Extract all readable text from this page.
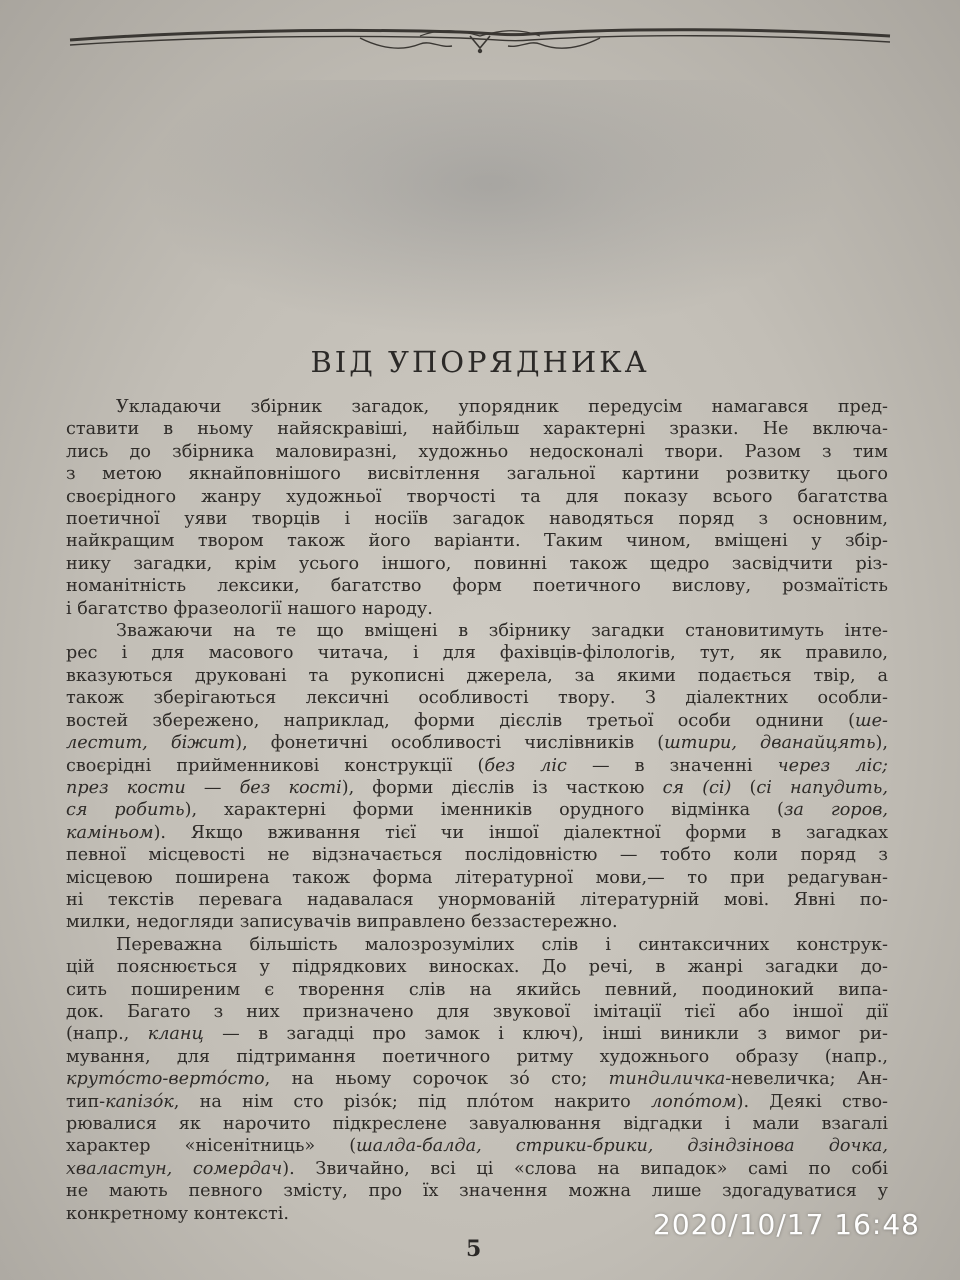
ВІД УПОРЯДНИКА
Укладаючи збірник загадок, упорядник передусім намагався пред-
ставити в ньому найяскравіші, найбільш характерні зразки. Не включа-
лись до збірника маловиразні, художньо недосконалі твори. Разом з тим
з метою якнайповнішого висвітлення загальної картини розвитку цього
своєрідного жанру художньої творчості та для показу всього багатства
поетичної уяви творців і носіїв загадок наводяться поряд з основним,
найкращим твором також його варіанти. Таким чином, вміщені у збір-
нику загадки, крім усього іншого, повинні також щедро засвідчити різ-
номанітність лексики, багатство форм поетичного вислову, розмаїтість
і багатство фразеології нашого народу.
Зважаючи на те що вміщені в збірнику загадки становитимуть інте-
рес і для масового читача, і для фахівців-філологів, тут, як правило,
вказуються друковані та рукописні джерела, за якими подається твір, а
також зберігаються лексичні особливості твору. З діалектних особли-
востей збережено, наприклад, форми дієслів третьої особи однини (ше-
лестит, біжит), фонетичні особливості числівників (штири, дванайцять),
своєрідні прийменникові конструкції (без ліс — в значенні через ліс;
през кости — без кості), форми дієслів із часткою ся (сі) (сі напудить,
ся робить), характерні форми іменників орудного відмінка (за горов,
каміньом). Якщо вживання тієї чи іншої діалектної форми в загадках
певної місцевості не відзначається послідовністю — тобто коли поряд з
місцевою поширена також форма літературної мови,— то при редагуван-
ні текстів перевага надавалася унормованій літературній мові. Явні по-
милки, недогляди записувачів виправлено беззастережно.
Переважна більшість малозрозумілих слів і синтаксичних конструк-
цій пояснюється у підрядкових виносках. До речі, в жанрі загадки до-
сить поширеним є творення слів на якийсь певний, поодинокий випа-
док. Багато з них призначено для звукової імітації тієї або іншої дії
(напр., кланц — в загадці про замок і ключ), інші виникли з вимог ри-
мування, для підтримання поетичного ритму художнього образу (напр.,
крутóсто-вертóсто, на ньому сорочок зó сто; тиндиличка-невеличка; Ан-
тип-капізóк, на нім сто різóк; під плóтом накрито лопóтом). Деякі ство-
рювалися як нарочито підкреслене завуалювання відгадки і мали взагалі
характер «нісенітниць» (шалда-балда, стрики-брики, дзіндзінова дочка,
хваластун, сомердач). Звичайно, всі ці «слова на випадок» самі по собі
не мають певного змісту, про їх значення можна лише здогадуватися у
конкретному контексті.
5
2020/10/17 16:48
